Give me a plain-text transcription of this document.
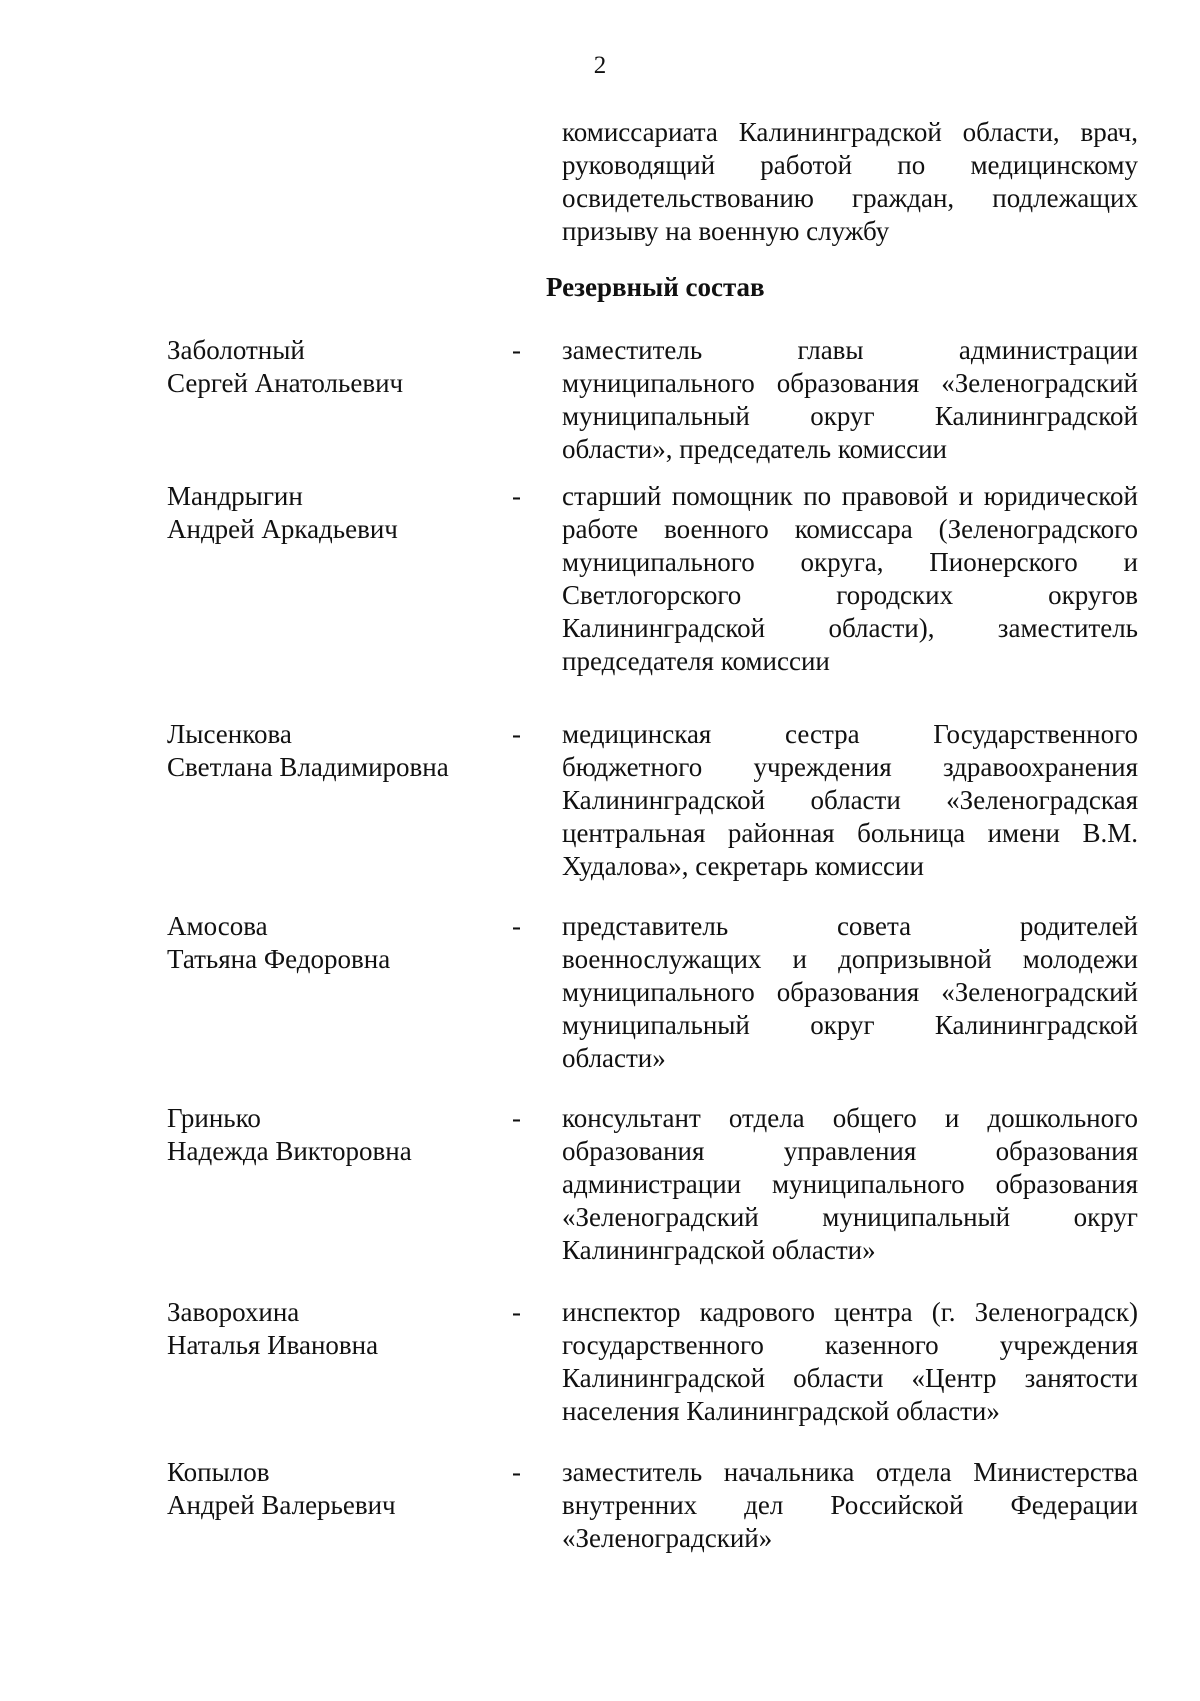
2
комиссариата Калининградской области, врач, руководящий работой по медицинскому освидетельствованию граждан, подлежащих призыву на военную службу
Резервный состав
Заболотный
Сергей Анатольевич
-	заместитель главы администрации муниципального образования «Зеленоградский муниципальный округ Калининградской области», председатель комиссии
Мандрыгин
Андрей Аркадьевич
-	старший помощник по правовой и юридической работе военного комиссара (Зеленоградского муниципального округа, Пионерского и Светлогорского городских округов Калининградской области), заместитель председателя комиссии
Лысенкова
Светлана Владимировна
-	медицинская сестра Государственного бюджетного учреждения здравоохранения Калининградской области «Зеленоградская центральная районная больница имени В.М. Худалова», секретарь комиссии
Амосова
Татьяна Федоровна
-	представитель совета родителей военнослужащих и допризывной молодежи муниципального образования «Зеленоградский муниципальный округ Калининградской области»
Гринько
Надежда Викторовна
-	консультант отдела общего и дошкольного образования управления образования администрации муниципального образования «Зеленоградский муниципальный округ Калининградской области»
Заворохина
Наталья Ивановна
-	инспектор кадрового центра (г. Зеленоградск) государственного казенного учреждения Калининградской области «Центр занятости населения Калининградской области»
Копылов
Андрей Валерьевич
-	заместитель начальника отдела Министерства внутренних дел Российской Федерации «Зеленоградский»
